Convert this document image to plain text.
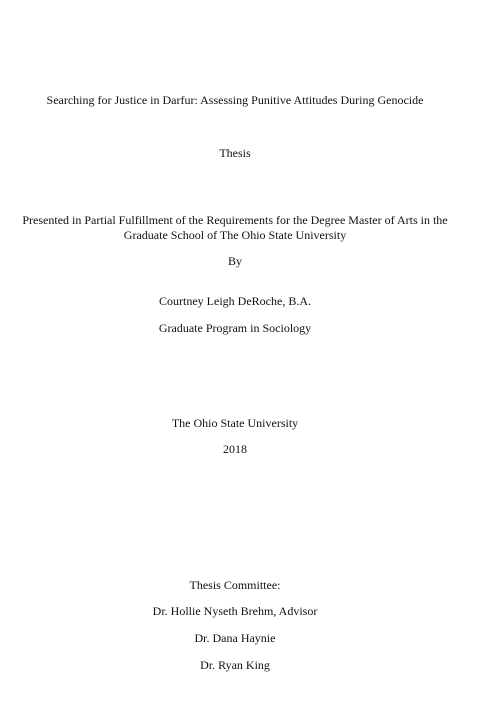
Searching for Justice in Darfur: Assessing Punitive Attitudes During Genocide
Thesis
Presented in Partial Fulfillment of the Requirements for the Degree Master of Arts in the Graduate School of The Ohio State University
By
Courtney Leigh DeRoche, B.A.
Graduate Program in Sociology
The Ohio State University
2018
Thesis Committee:
Dr. Hollie Nyseth Brehm, Advisor
Dr. Dana Haynie
Dr. Ryan King
